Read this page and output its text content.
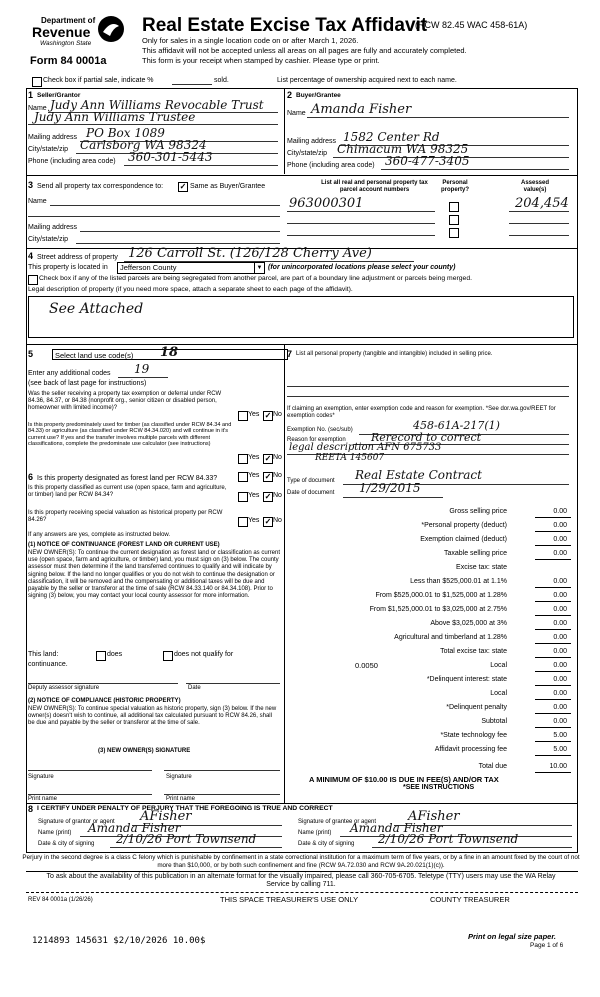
Department of
Revenue
Washington State
Form 84 0001a
Real Estate Excise Tax Affidavit
(RCW 82.45 WAC 458-61A)
Only for sales in a single location code on or after March 1, 2026.
This affidavit will not be accepted unless all areas on all pages are fully and accurately completed.
This form is your receipt when stamped by cashier. Please type or print.
Check box if partial sale, indicate %	sold.	List percentage of ownership acquired next to each name.
1 Seller/Grantor
Name Judy Ann Williams Revocable Trust
Judy Ann Williams Trustee
Mailing address PO Box 1089
City/state/zip Carlsborg WA 98324
Phone (including area code) 360-301-5443
2 Buyer/Grantee
Name Amanda Fisher
Mailing address 1582 Center Rd
City/state/zip Chimacum WA 98325
Phone (including area code) 360-477-3405
3 Send all property tax correspondence to: ✓ Same as Buyer/Grantee
Name
Mailing address
City/state/zip
List all real and personal property tax parcel account numbers
Personal property?
Assessed value(s)
963000301	204,454
4 Street address of property 126 Carroll St. (126/128 Cherry Ave)
This property is located in	Jefferson County	▼ (for unincorporated locations please select your county)
Check box if any of the listed parcels are being segregated from another parcel, are part of a boundary line adjustment or parcels being merged.
Legal description of property (if you need more space, attach a separate sheet to each page of the affidavit).
See Attached
5	Select land use code(s)	18
Enter any additional codes 19
(see back of last page for instructions)
Was the seller receiving a property tax exemption or deferral under RCW 84.36, 84.37, or 84.38 (nonprofit org., senior citizen or disabled person, homeowner with limited income)?
Yes ✓ No
Is this property predominately used for timber (as classified under RCW 84.34 and 84.33) or agriculture (as classified under RCW 84.34.020) and will continue in it's current use? If yes and the transfer involves multiple parcels with different classifications, complete the predominate use calculator (see instructions)
Yes ✓ No
6 Is this property designated as forest land per RCW 84.33?	Yes ✓ No
Is this property classified as current use (open space, farm and agriculture, or timber) land per RCW 84.34?	Yes ✓ No
Is this property receiving special valuation as historical property per RCW 84.26?	Yes ✓ No
If any answers are yes, complete as instructed below.
(1) NOTICE OF CONTINUANCE (FOREST LAND OR CURRENT USE)
NEW OWNER(S): To continue the current designation as forest land or classification as current use (open space, farm and agriculture, or timber) land, you must sign on (3) below. The county assessor must then determine if the land transferred continues to qualify and will indicate by signing below. If the land no longer qualifies or you do not wish to continue the designation or classification, it will be removed and the compensating or additional taxes will be due and payable by the seller or transferor at the time of sale (RCW 84.33.140 or 84.34.108). Prior to signing (3) below, you may contact your local county assessor for more information.
This land:	does	does not qualify for
continuance.
Deputy assessor signature	Date
(2) NOTICE OF COMPLIANCE (HISTORIC PROPERTY)
NEW OWNER(S): To continue special valuation as historic property, sign (3) below. If the new owner(s) doesn't wish to continue, all additional tax calculated pursuant to RCW 84.26, shall be due and payable by the seller or transferor at the time of sale.
(3) NEW OWNER(S) SIGNATURE
Signature	Signature
Print name	Print name
7 List all personal property (tangible and intangible) included in selling price.
If claiming an exemption, enter exemption code and reason for exemption. *See dor.wa.gov/REET for exemption codes*
Exemption No. (sec/sub)	458-61A-217(1)
Reason for exemption Rerecord to correct
legal description AFN 675733
REETA 145607
Type of document Real Estate Contract
Date of document 1/29/2015
Gross selling price	0.00
*Personal property (deduct)	0.00
Exemption claimed (deduct)	0.00
Taxable selling price	0.00
Excise tax: state
Less than $525,000.01 at 1.1%	0.00
From $525,000.01 to $1,525,000 at 1.28%	0.00
From $1,525,000.01 to $3,025,000 at 2.75%	0.00
Above $3,025,000 at 3%	0.00
Agricultural and timberland at 1.28%	0.00
Total excise tax: state	0.00
0.0050	Local	0.00
*Delinquent interest: state	0.00
Local	0.00
*Delinquent penalty	0.00
Subtotal	0.00
*State technology fee	5.00
Affidavit processing fee	5.00
Total due	10.00
A MINIMUM OF $10.00 IS DUE IN FEE(S) AND/OR TAX
*SEE INSTRUCTIONS
8 I CERTIFY UNDER PENALTY OF PERJURY THAT THE FOREGOING IS TRUE AND CORRECT
Signature of grantor or agent AFisher
Name (print) Amanda Fisher
Date & city of signing 2/10/26 Port Townsend
Signature of grantee or agent AFisher
Name (print) Amanda Fisher
Date & city of signing 2/10/26 Port Townsend
Perjury in the second degree is a class C felony which is punishable by confinement in a state correctional institution for a maximum term of five years, or by a fine in an amount fixed by the court of not more than $10,000, or by both such confinement and fine (RCW 9A.72.030 and RCW 9A.20.021(1)(c)).
To ask about the availability of this publication in an alternate format for the visually impaired, please call 360-705-6705. Teletype (TTY) users may use the WA Relay Service by calling 711.
REV 84 0001a (1/26/26)	THIS SPACE TREASURER'S USE ONLY	COUNTY TREASURER
1214893 145631 $2/10/2026 10.00$	Print on legal size paper.
Page 1 of 6
